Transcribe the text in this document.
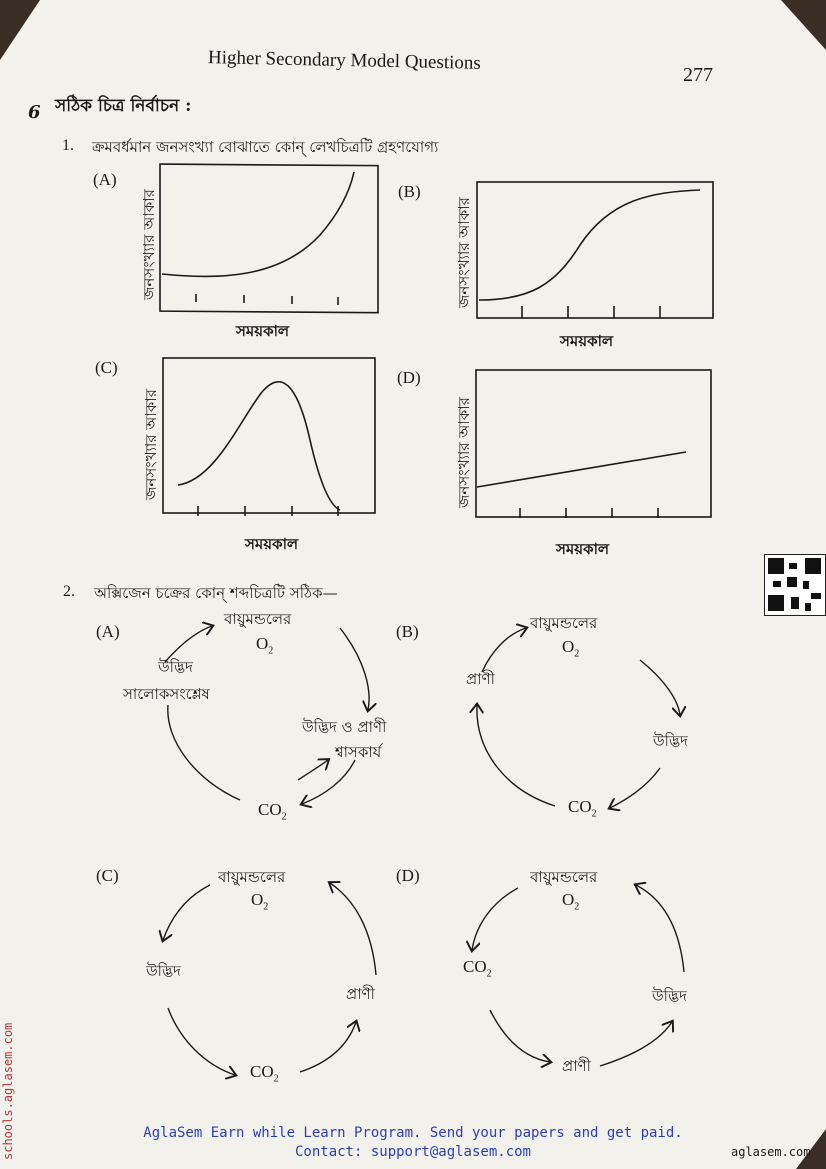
Higher Secondary Model Questions
277
6 সঠিক চিত্র নির্বাচন :
1. ক্রমবর্ধমান জনসংখ্যা বোঝাতে কোন্ লেখচিত্রটি গ্রহণযোগ্য
(A)
জনসংখ্যার আকার
সময়কাল
(B)
জনসংখ্যার আকার
সময়কাল
(C)
জনসংখ্যার আকার
সময়কাল
(D)
জনসংখ্যার আকার
সময়কাল
2. অক্সিজেন চক্রের কোন্ শব্দচিত্রটি সঠিক—
(A)
বায়ুমন্ডলের
$O_2$
উদ্ভিদ
সালোকসংশ্লেষ
উদ্ভিদ ও প্রাণী
শ্বাসকার্য
$CO_2$
(B)	বায়ুমন্ডলের
$O_2$
প্রাণী
উদ্ভিদ
$CO_2$
(C)	বায়ুমন্ডলের
$O_2$
উদ্ভিদ
প্রাণী
$CO_2$
(D)	বায়ুমন্ডলের
$O_2$
$CO_2$
উদ্ভিদ
প্রাণী
AglaSem Earn while Learn Program. Send your papers and get paid.
Contact: support@aglasem.com	aglasem.com
schools.aglasem.com
